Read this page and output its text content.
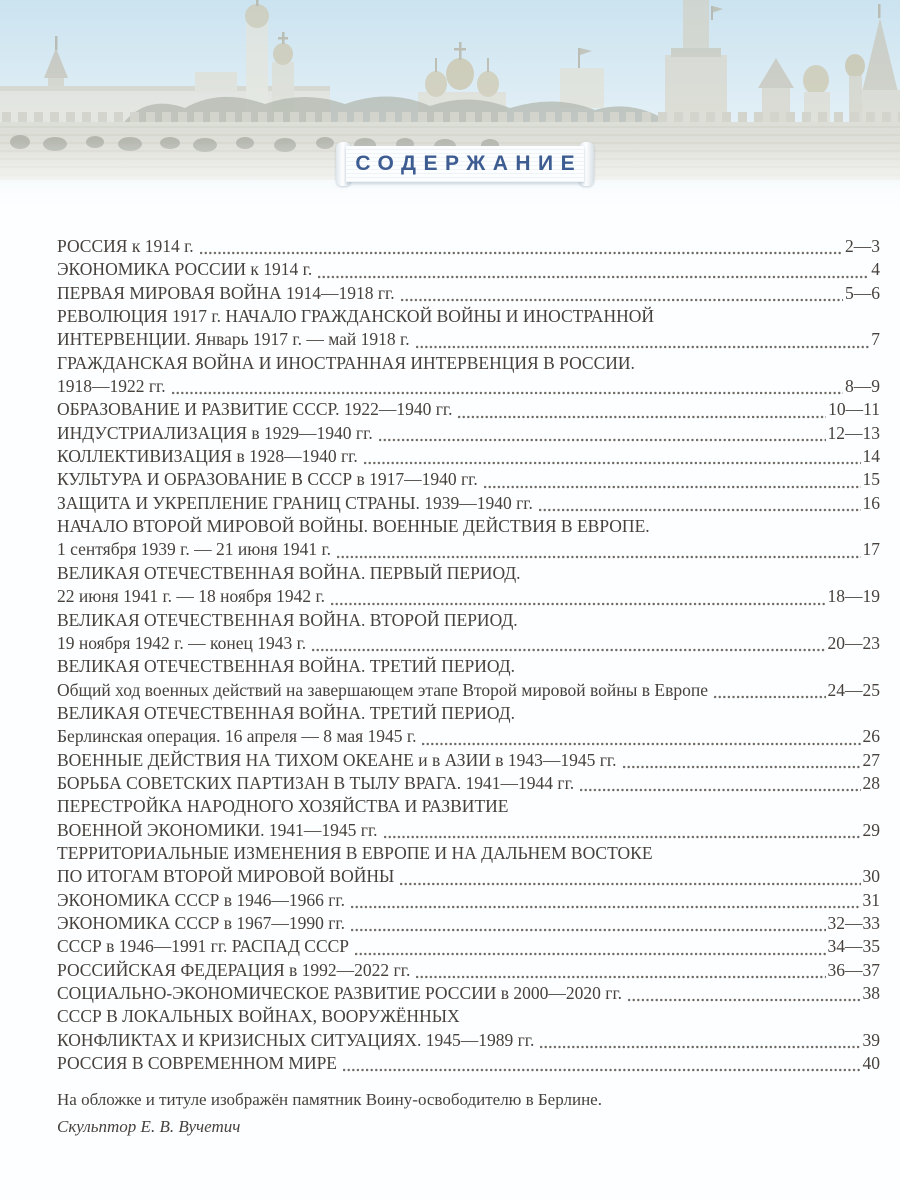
СОДЕРЖАНИЕ
РОССИЯ к 1914 г.	2—3
ЭКОНОМИКА РОССИИ к 1914 г.	4
ПЕРВАЯ МИРОВАЯ ВОЙНА 1914—1918 гг.	5—6
РЕВОЛЮЦИЯ 1917 г. НАЧАЛО ГРАЖДАНСКОЙ ВОЙНЫ И ИНОСТРАННОЙ
ИНТЕРВЕНЦИИ. Январь 1917 г. — май 1918 г.	7
ГРАЖДАНСКАЯ ВОЙНА И ИНОСТРАННАЯ ИНТЕРВЕНЦИЯ В РОССИИ.
1918—1922 гг.	8—9
ОБРАЗОВАНИЕ И РАЗВИТИЕ СССР. 1922—1940 гг.	10—11
ИНДУСТРИАЛИЗАЦИЯ в 1929—1940 гг.	12—13
КОЛЛЕКТИВИЗАЦИЯ в 1928—1940 гг.	14
КУЛЬТУРА И ОБРАЗОВАНИЕ В СССР в 1917—1940 гг.	15
ЗАЩИТА И УКРЕПЛЕНИЕ ГРАНИЦ СТРАНЫ. 1939—1940 гг.	16
НАЧАЛО ВТОРОЙ МИРОВОЙ ВОЙНЫ. ВОЕННЫЕ ДЕЙСТВИЯ В ЕВРОПЕ.
1 сентября 1939 г. — 21 июня 1941 г.	17
ВЕЛИКАЯ ОТЕЧЕСТВЕННАЯ ВОЙНА. ПЕРВЫЙ ПЕРИОД.
22 июня 1941 г. — 18 ноября 1942 г.	18—19
ВЕЛИКАЯ ОТЕЧЕСТВЕННАЯ ВОЙНА. ВТОРОЙ ПЕРИОД.
19 ноября 1942 г. — конец 1943 г.	20—23
ВЕЛИКАЯ ОТЕЧЕСТВЕННАЯ ВОЙНА. ТРЕТИЙ ПЕРИОД.
Общий ход военных действий на завершающем этапе Второй мировой войны в Европе	24—25
ВЕЛИКАЯ ОТЕЧЕСТВЕННАЯ ВОЙНА. ТРЕТИЙ ПЕРИОД.
Берлинская операция. 16 апреля — 8 мая 1945 г.	26
ВОЕННЫЕ ДЕЙСТВИЯ НА ТИХОМ ОКЕАНЕ и в АЗИИ в 1943—1945 гг.	27
БОРЬБА СОВЕТСКИХ ПАРТИЗАН В ТЫЛУ ВРАГА. 1941—1944 гг.	28
ПЕРЕСТРОЙКА НАРОДНОГО ХОЗЯЙСТВА И РАЗВИТИЕ
ВОЕННОЙ ЭКОНОМИКИ. 1941—1945 гг.	29
ТЕРРИТОРИАЛЬНЫЕ ИЗМЕНЕНИЯ В ЕВРОПЕ И НА ДАЛЬНЕМ ВОСТОКЕ
ПО ИТОГАМ ВТОРОЙ МИРОВОЙ ВОЙНЫ	30
ЭКОНОМИКА СССР в 1946—1966 гг.	31
ЭКОНОМИКА СССР в 1967—1990 гг.	32—33
СССР в 1946—1991 гг. РАСПАД СССР	34—35
РОССИЙСКАЯ ФЕДЕРАЦИЯ в 1992—2022 гг.	36—37
СОЦИАЛЬНО-ЭКОНОМИЧЕСКОЕ РАЗВИТИЕ РОССИИ в 2000—2020 гг.	38
СССР В ЛОКАЛЬНЫХ ВОЙНАХ, ВООРУЖЁННЫХ
КОНФЛИКТАХ И КРИЗИСНЫХ СИТУАЦИЯХ. 1945—1989 гг.	39
РОССИЯ В СОВРЕМЕННОМ МИРЕ	40
На обложке и титуле изображён памятник Воину-освободителю в Берлине.
Скульптор Е. В. Вучетич
